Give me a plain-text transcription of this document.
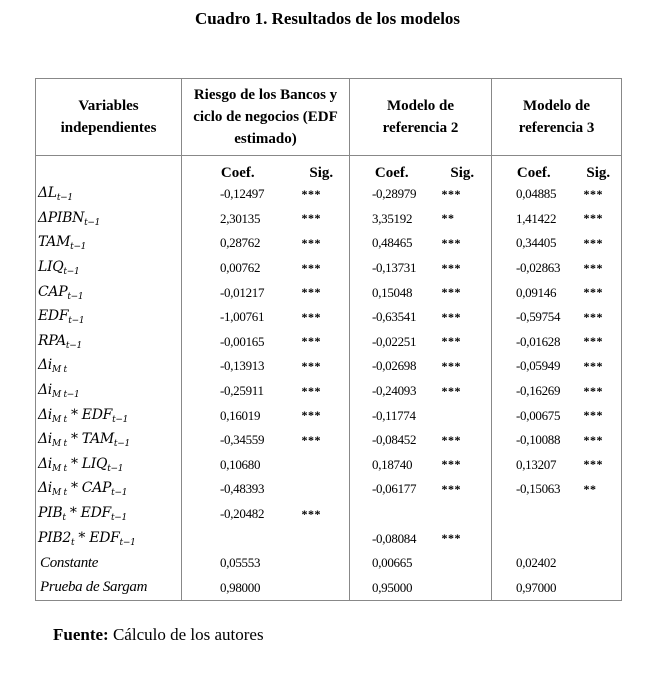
Cuadro 1. Resultados de los modelos
Variables independientes	Riesgo de los Bancos y ciclo de negocios (EDF estimado)		Modelo de referencia 2		Modelo de referencia 3	
	Coef.	Sig.	Coef.	Sig.	Coef.	Sig.
$\Delta L_{t-1}$	-0,12497	***	-0,28979	***	0,04885	***
$\Delta PIBN_{t-1}$	2,30135	***	3,35192	**	1,41422	***
$TAM_{t-1}$	0,28762	***	0,48465	***	0,34405	***
$LIQ_{t-1}$	0,00762	***	-0,13731	***	-0,02863	***
$CAP_{t-1}$	-0,01217	***	0,15048	***	0,09146	***
$EDF_{t-1}$	-1,00761	***	-0,63541	***	-0,59754	***
$RPA_{t-1}$	-0,00165	***	-0,02251	***	-0,01628	***
$\Delta i_{M t}$	-0,13913	***	-0,02698	***	-0,05949	***
$\Delta i_{M t-1}$	-0,25911	***	-0,24093	***	-0,16269	***
$\Delta i_{M t} * EDF_{t-1}$	0,16019	***	-0,11774		-0,00675	***
$\Delta i_{M t} * TAM_{t-1}$	-0,34559	***	-0,08452	***	-0,10088	***
$\Delta i_{M t} * LIQ_{t-1}$	0,10680		0,18740	***	0,13207	***
$\Delta i_{M t} * CAP_{t-1}$	-0,48393		-0,06177	***	-0,15063	**
$PIB_t * EDF_{t-1}$	-0,20482	***				
$PIB2_t * EDF_{t-1}$			-0,08084	***		
Constante	0,05553		0,00665		0,02402	
Prueba de Sargam	0,98000		0,95000		0,97000	
Fuente: Cálculo de los autores
